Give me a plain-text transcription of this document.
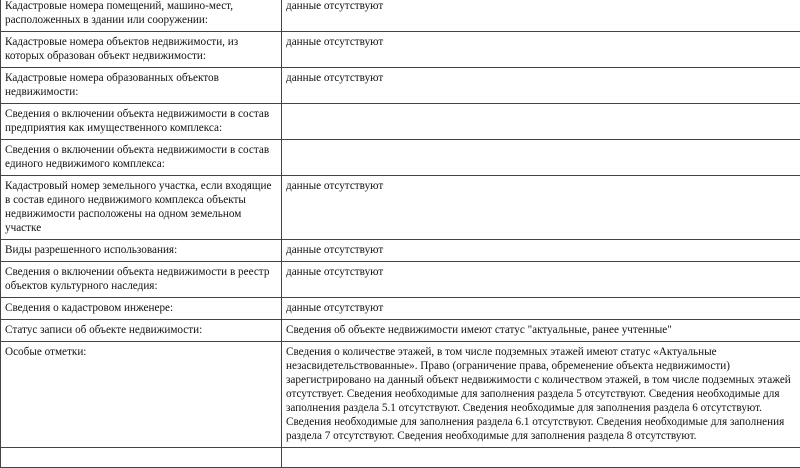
Кадастровые номера помещений, машино-мест, расположенных в здании или сооружении:	данные отсутствуют
Кадастровые номера объектов недвижимости, из которых образован объект недвижимости:	данные отсутствуют
Кадастровые номера образованных объектов недвижимости:	данные отсутствуют
Сведения о включении объекта недвижимости в состав предприятия как имущественного комплекса:	
Сведения о включении объекта недвижимости в состав единого недвижимого комплекса:	
Кадастровый номер земельного участка, если входящие в состав единого недвижимого комплекса объекты недвижимости расположены на одном земельном участке	данные отсутствуют
Виды разрешенного использования:	данные отсутствуют
Сведения о включении объекта недвижимости в реестр объектов культурного наследия:	данные отсутствуют
Сведения о кадастровом инженере:	данные отсутствуют
Статус записи об объекте недвижимости:	Сведения об объекте недвижимости имеют статус "актуальные, ранее учтенные"
Особые отметки:	Сведения о количестве этажей, в том числе подземных этажей имеют статус «Актуальные незасвидетельствованные». Право (ограничение права, обременение объекта недвижимости) зарегистрировано на данный объект недвижимости с количеством этажей, в том числе подземных этажей отсутствует. Сведения необходимые для заполнения раздела 5 отсутствуют. Сведения необходимые для заполнения раздела 5.1 отсутствуют. Сведения необходимые для заполнения раздела 6 отсутствуют. Сведения необходимые для заполнения раздела 6.1 отсутствуют. Сведения необходимые для заполнения раздела 7 отсутствуют. Сведения необходимые для заполнения раздела 8 отсутствуют.
